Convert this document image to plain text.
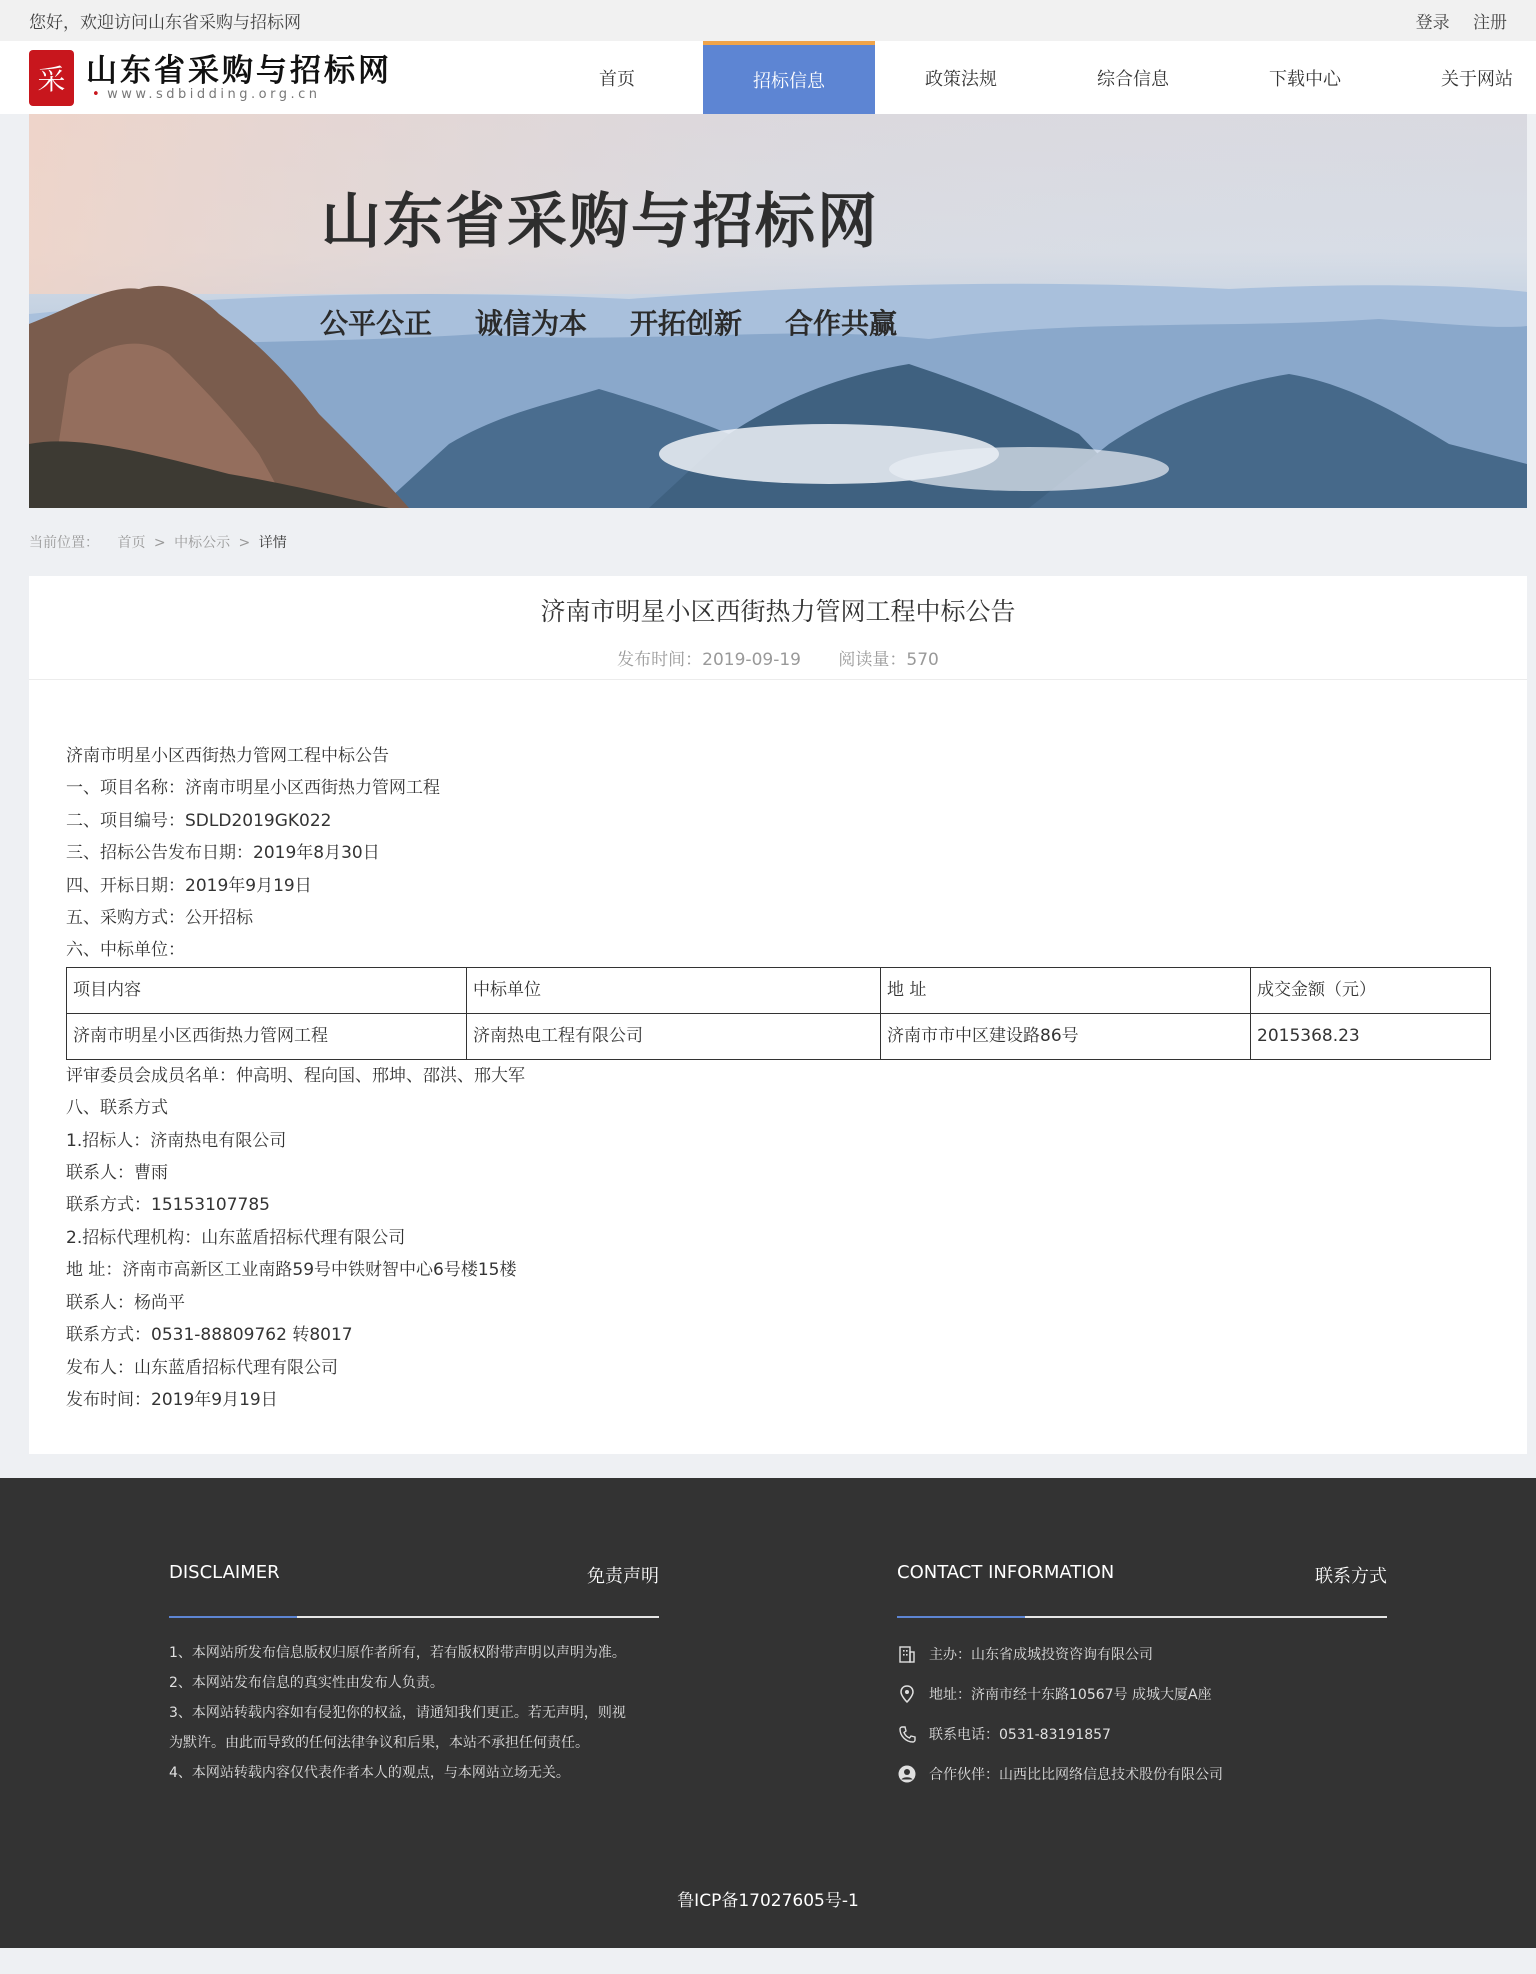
您好，欢迎访问山东省采购与招标网	登录 注册
采 山东省采购与招标网
• www.sdbidding.org.cn
首页	招标信息	政策法规	综合信息	下载中心	关于网站
山东省采购与招标网
公平公正 诚信为本 开拓创新 合作共赢
当前位置： 首页 > 中标公示 > 详情
济南市明星小区西街热力管网工程中标公告
发布时间：2019-09-19 阅读量：570
济南市明星小区西街热力管网工程中标公告
一、项目名称：济南市明星小区西街热力管网工程
二、项目编号：SDLD2019GK022
三、招标公告发布日期：2019年8月30日
四、开标日期：2019年9月19日
五、采购方式：公开招标
六、中标单位：
项目内容	中标单位	地 址	成交金额（元）
济南市明星小区西街热力管网工程	济南热电工程有限公司	济南市市中区建设路86号	2015368.23
评审委员会成员名单：仲高明、程向国、邢坤、邵洪、邢大军
八、联系方式
1.招标人：济南热电有限公司
联系人：曹雨
联系方式：15153107785
2.招标代理机构：山东蓝盾招标代理有限公司
地 址：济南市高新区工业南路59号中铁财智中心6号楼15楼
联系人：杨尚平
联系方式：0531-88809762 转8017
发布人：山东蓝盾招标代理有限公司
发布时间：2019年9月19日
DISCLAIMER	免责声明
1、本网站所发布信息版权归原作者所有，若有版权附带声明以声明为准。
2、本网站发布信息的真实性由发布人负责。
3、本网站转载内容如有侵犯你的权益，请通知我们更正。若无声明，则视
为默许。由此而导致的任何法律争议和后果，本站不承担任何责任。
4、本网站转载内容仅代表作者本人的观点，与本网站立场无关。
CONTACT INFORMATION	联系方式
主办：山东省成城投资咨询有限公司
地址：济南市经十东路10567号 成城大厦A座
联系电话：0531-83191857
合作伙伴：山西比比网络信息技术股份有限公司
鲁ICP备17027605号-1
